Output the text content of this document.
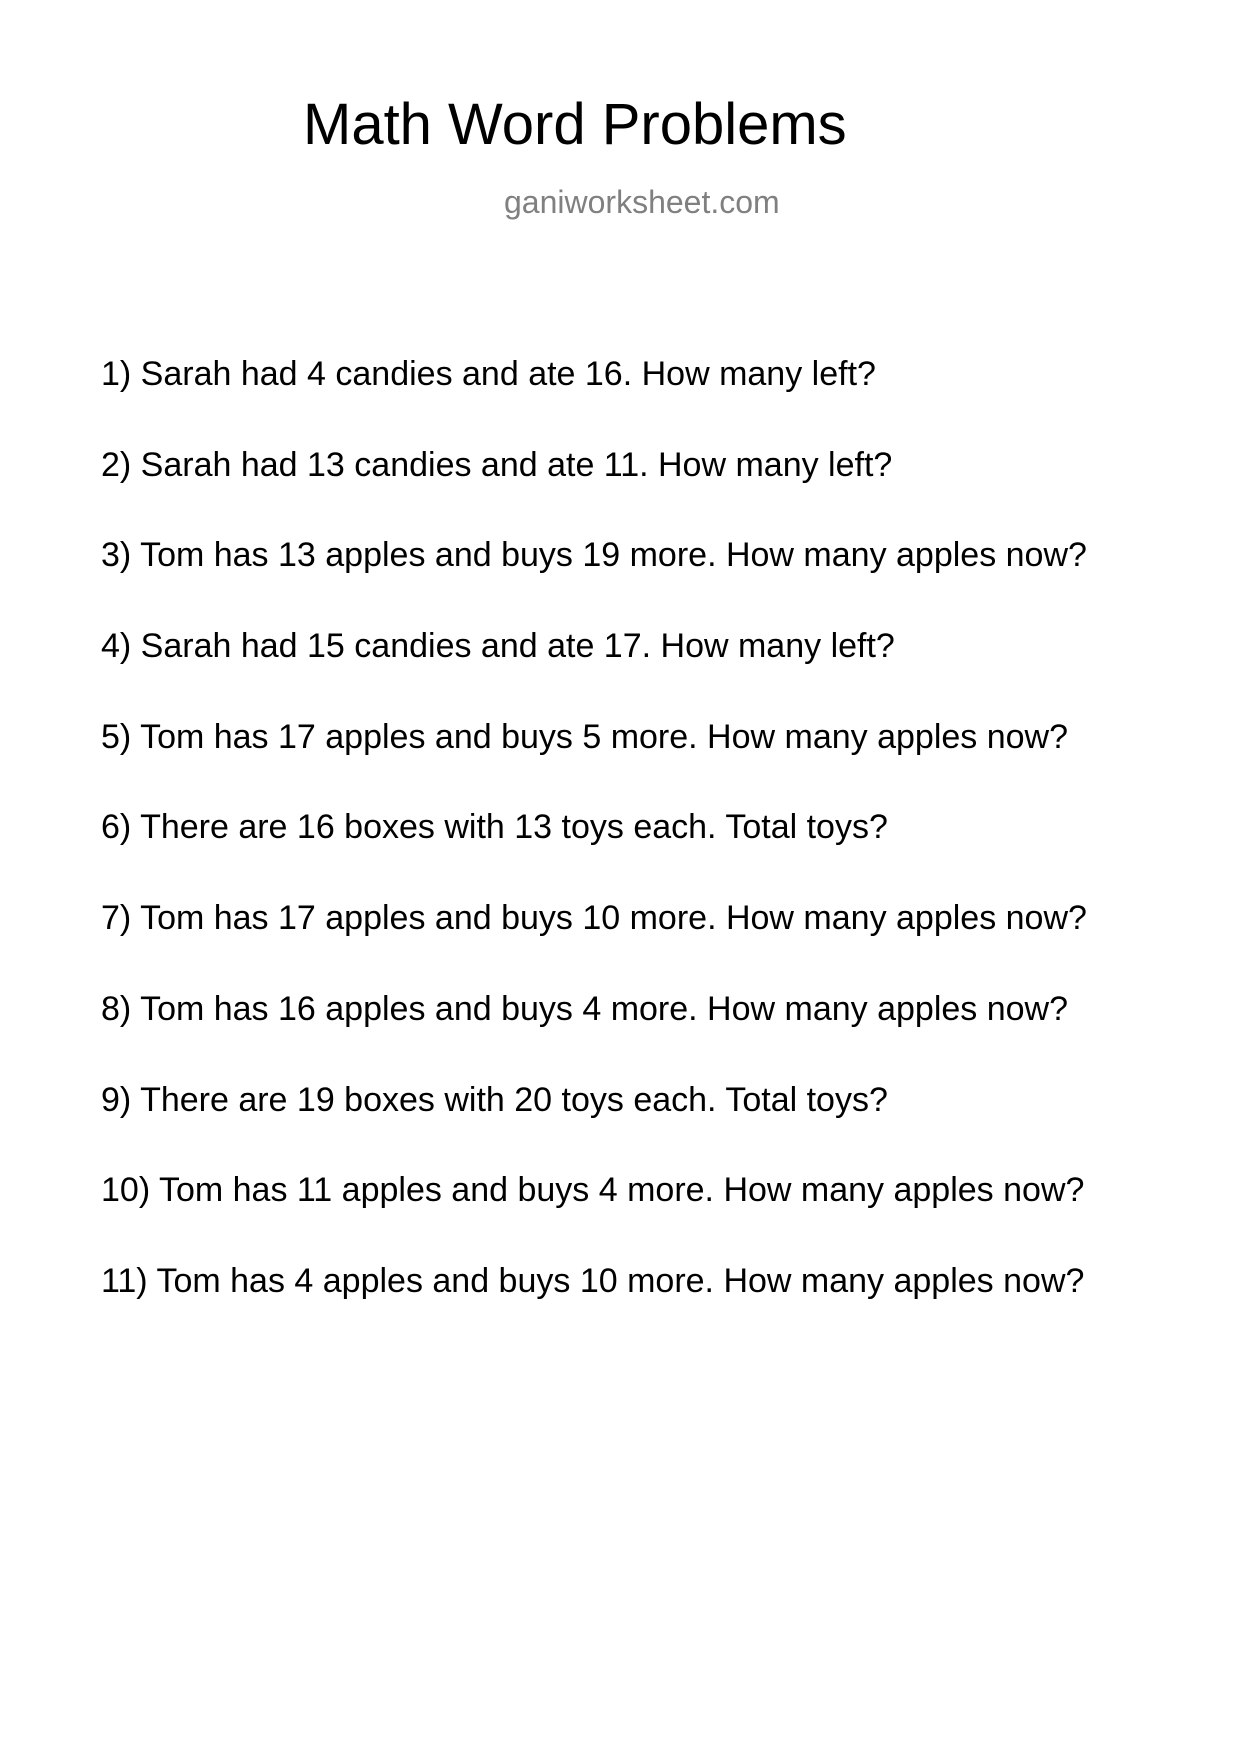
Math Word Problems
ganiworksheet.com
1) Sarah had 4 candies and ate 16. How many left?
2) Sarah had 13 candies and ate 11. How many left?
3) Tom has 13 apples and buys 19 more. How many apples now?
4) Sarah had 15 candies and ate 17. How many left?
5) Tom has 17 apples and buys 5 more. How many apples now?
6) There are 16 boxes with 13 toys each. Total toys?
7) Tom has 17 apples and buys 10 more. How many apples now?
8) Tom has 16 apples and buys 4 more. How many apples now?
9) There are 19 boxes with 20 toys each. Total toys?
10) Tom has 11 apples and buys 4 more. How many apples now?
11) Tom has 4 apples and buys 10 more. How many apples now?
